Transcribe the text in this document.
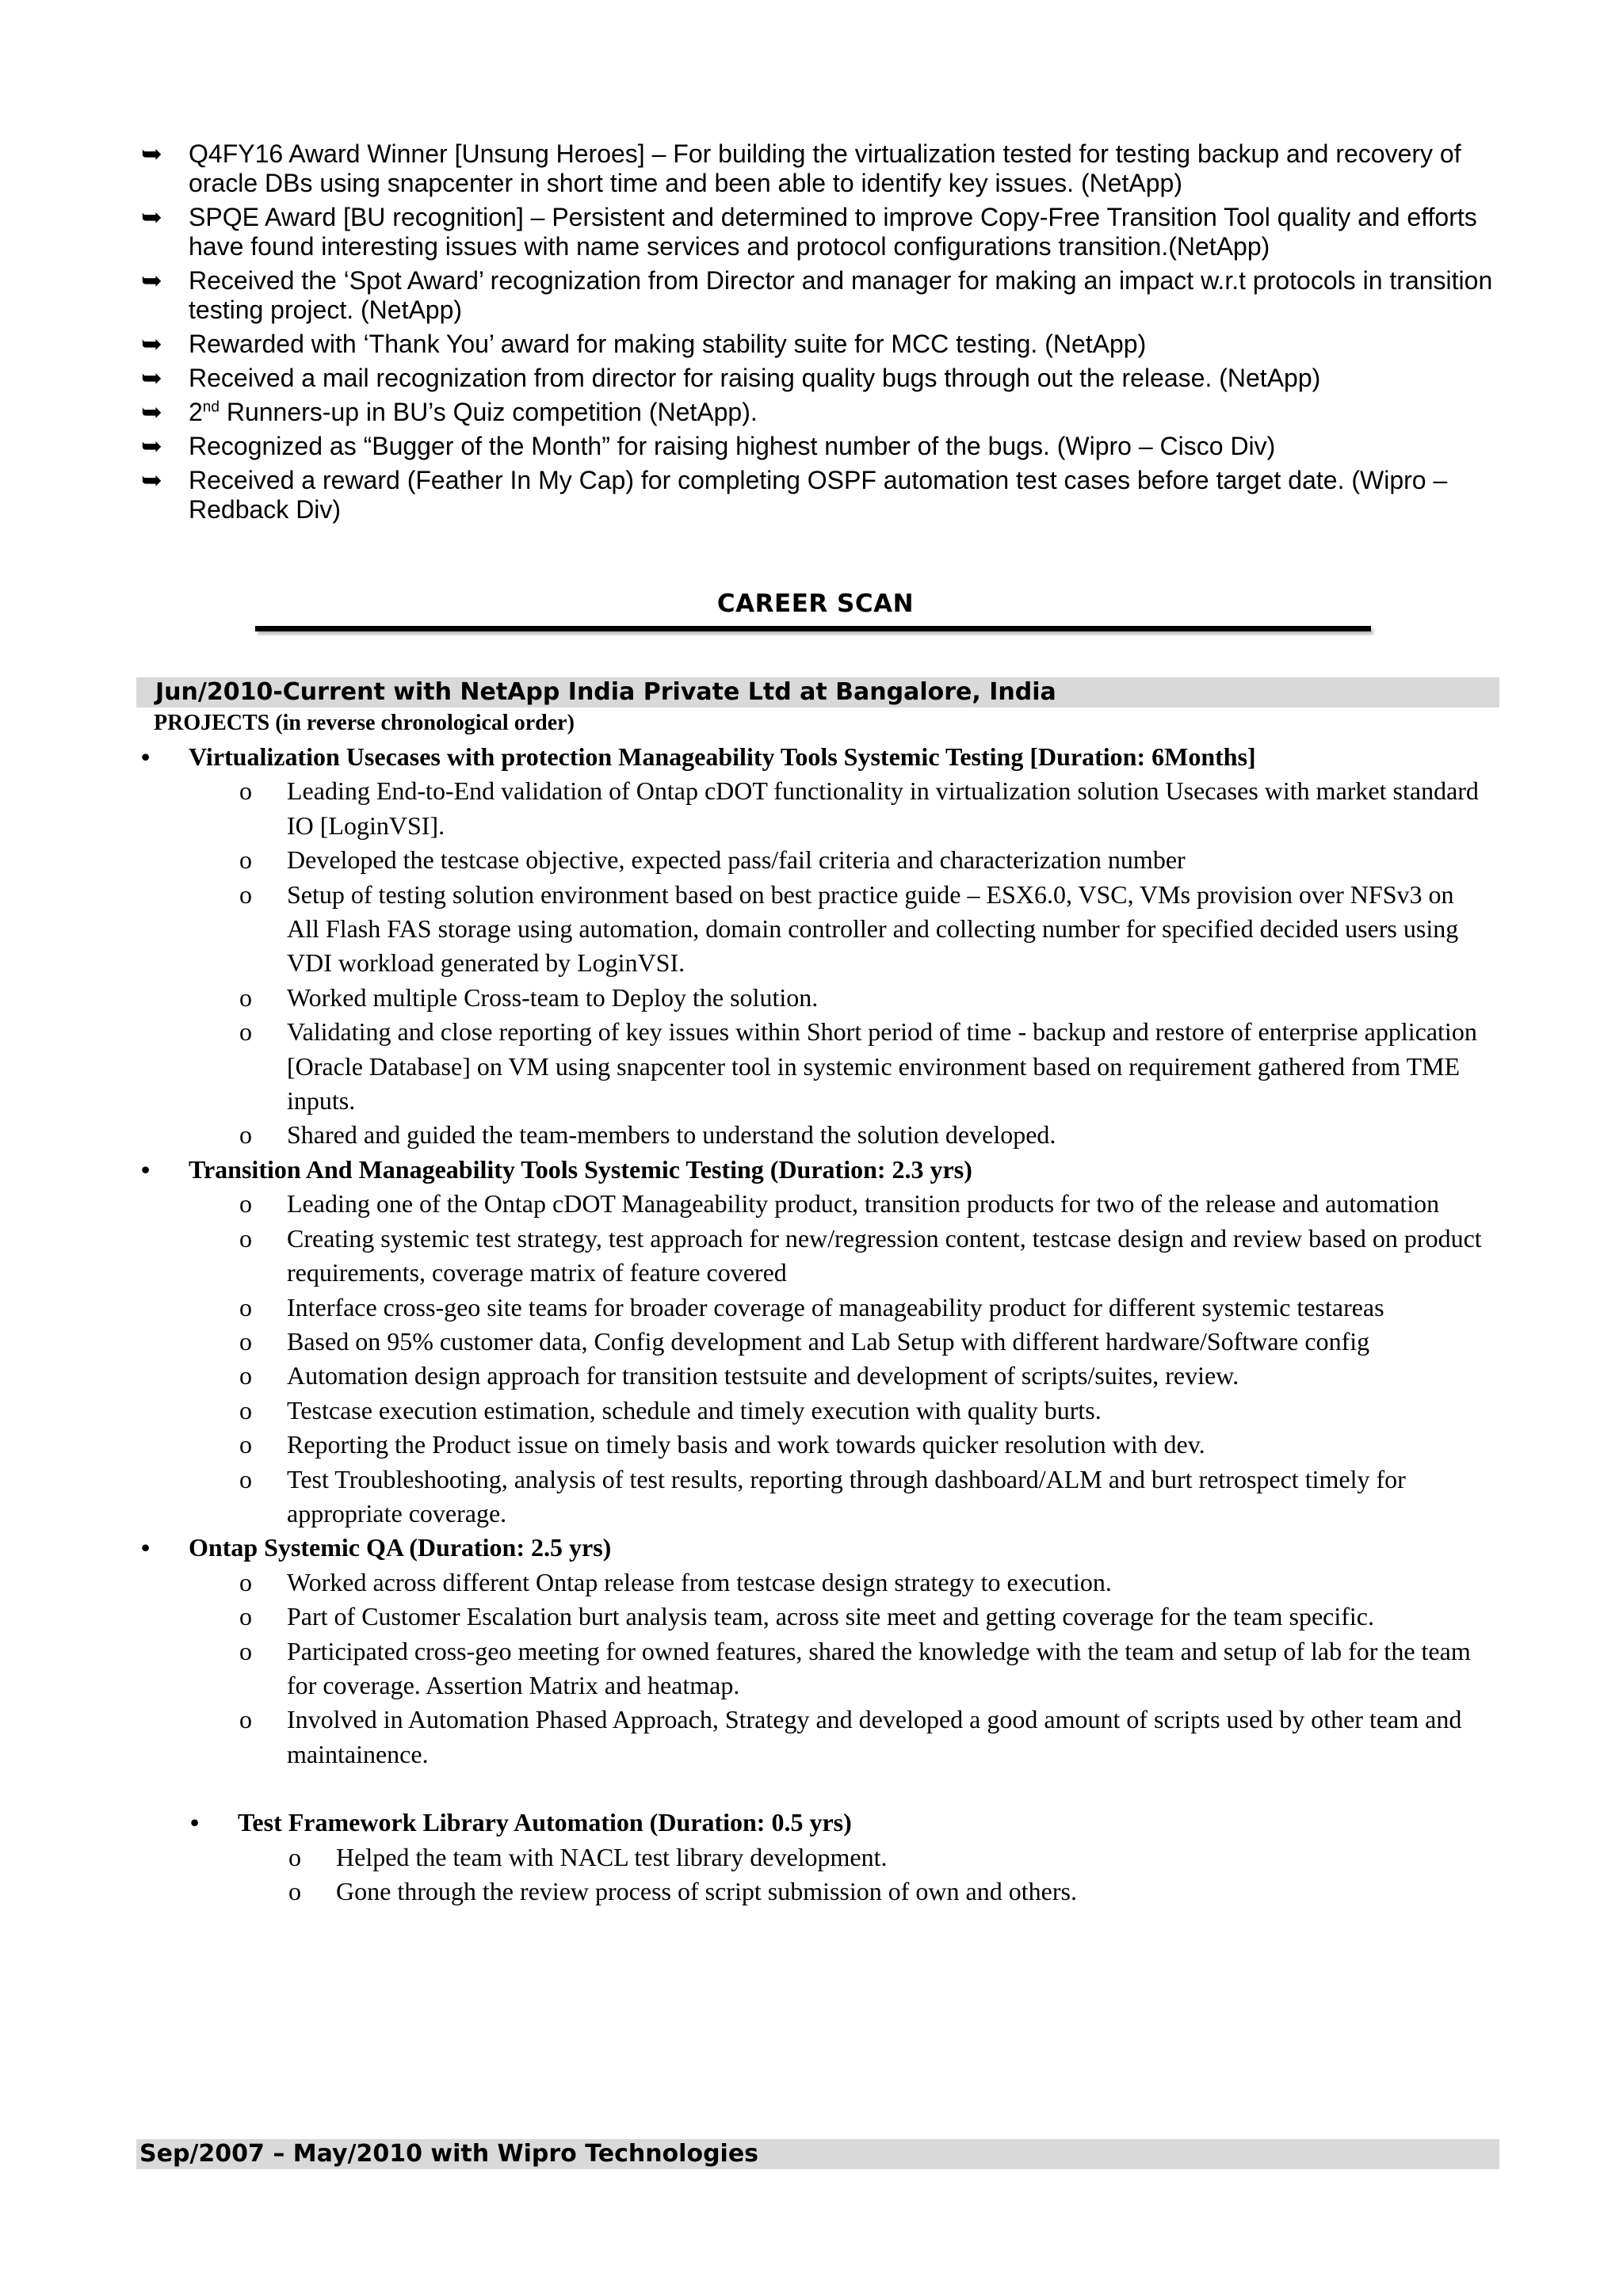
➥ Q4FY16 Award Winner [Unsung Heroes] – For building the virtualization tested for testing backup and recovery of oracle DBs using snapcenter in short time and been able to identify key issues. (NetApp)
➥ SPQE Award [BU recognition] – Persistent and determined to improve Copy-Free Transition Tool quality and efforts have found interesting issues with name services and protocol configurations transition.(NetApp)
➥ Received the ‘Spot Award’ recognization from Director and manager for making an impact w.r.t protocols in transition testing project. (NetApp)
➥ Rewarded with ‘Thank You’ award for making stability suite for MCC testing. (NetApp)
➥ Received a mail recognization from director for raising quality bugs through out the release. (NetApp)
➥ 2nd Runners-up in BU’s Quiz competition (NetApp).
➥ Recognized as “Bugger of the Month” for raising highest number of the bugs. (Wipro – Cisco Div)
➥ Received a reward (Feather In My Cap) for completing OSPF automation test cases before target date. (Wipro – Redback Div)
CAREER SCAN
Jun/2010-Current with NetApp India Private Ltd at Bangalore, India
PROJECTS (in reverse chronological order)
• Virtualization Usecases with protection Manageability Tools Systemic Testing [Duration: 6Months]
o Leading End-to-End validation of Ontap cDOT functionality in virtualization solution Usecases with market standard IO [LoginVSI].
o Developed the testcase objective, expected pass/fail criteria and characterization number
o Setup of testing solution environment based on best practice guide – ESX6.0, VSC, VMs provision over NFSv3 on All Flash FAS storage using automation, domain controller and collecting number for specified decided users using VDI workload generated by LoginVSI.
o Worked multiple Cross-team to Deploy the solution.
o Validating and close reporting of key issues within Short period of time - backup and restore of enterprise application [Oracle Database] on VM using snapcenter tool in systemic environment based on requirement gathered from TME inputs.
o Shared and guided the team-members to understand the solution developed.
• Transition And Manageability Tools Systemic Testing (Duration: 2.3 yrs)
o Leading one of the Ontap cDOT Manageability product, transition products for two of the release and automation
o Creating systemic test strategy, test approach for new/regression content, testcase design and review based on product requirements, coverage matrix of feature covered
o Interface cross-geo site teams for broader coverage of manageability product for different systemic testareas
o Based on 95% customer data, Config development and Lab Setup with different hardware/Software config
o Automation design approach for transition testsuite and development of scripts/suites, review.
o Testcase execution estimation, schedule and timely execution with quality burts.
o Reporting the Product issue on timely basis and work towards quicker resolution with dev.
o Test Troubleshooting, analysis of test results, reporting through dashboard/ALM and burt retrospect timely for appropriate coverage.
• Ontap Systemic QA (Duration: 2.5 yrs)
o Worked across different Ontap release from testcase design strategy to execution.
o Part of Customer Escalation burt analysis team, across site meet and getting coverage for the team specific.
o Participated cross-geo meeting for owned features, shared the knowledge with the team and setup of lab for the team for coverage. Assertion Matrix and heatmap.
o Involved in Automation Phased Approach, Strategy and developed a good amount of scripts used by other team and maintainence.
• Test Framework Library Automation (Duration: 0.5 yrs)
o Helped the team with NACL test library development.
o Gone through the review process of script submission of own and others.
Sep/2007 – May/2010 with Wipro Technologies
